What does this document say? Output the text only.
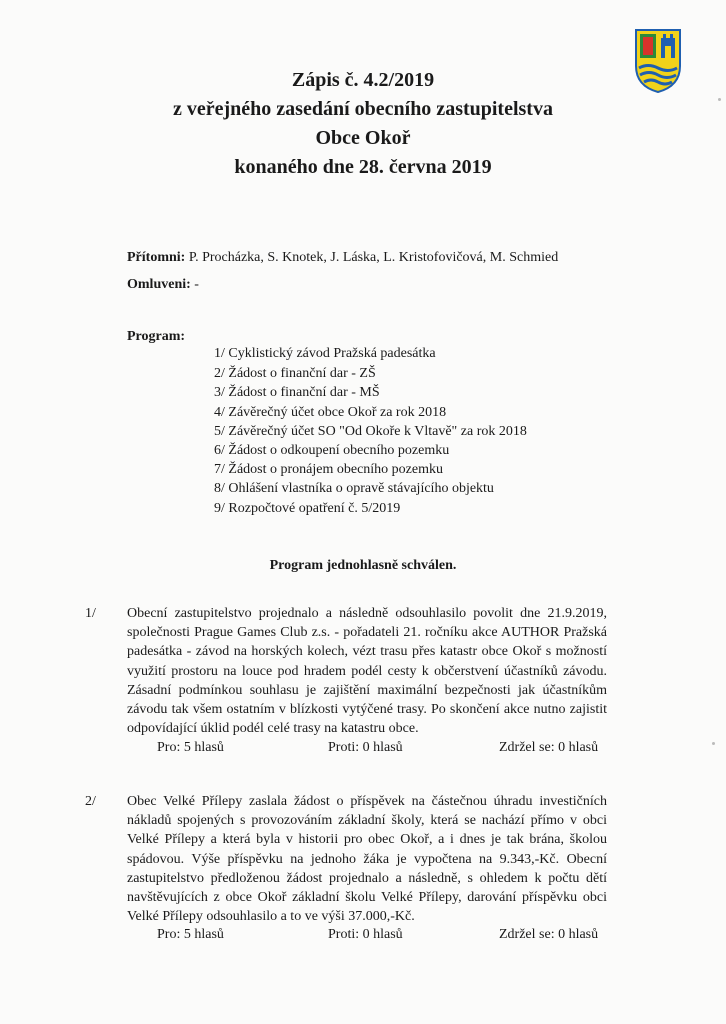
Zápis č. 4.2/2019
z veřejného zasedání obecního zastupitelstva
Obce Okoř
konaného dne 28. června 2019
Přítomni: P. Procházka, S. Knotek, J. Láska, L. Kristofovičová, M. Schmied
Omluveni: -
Program:
1/ Cyklistický závod Pražská padesátka
2/ Žádost o finanční dar - ZŠ
3/ Žádost o finanční dar - MŠ
4/ Závěrečný účet obce Okoř za rok 2018
5/ Závěrečný účet SO "Od Okoře k Vltavě" za rok 2018
6/ Žádost o odkoupení obecního pozemku
7/ Žádost o pronájem obecního pozemku
8/ Ohlášení vlastníka o opravě stávajícího objektu
9/ Rozpočtové opatření č. 5/2019
Program jednohlasně schválen.
1/ Obecní zastupitelstvo projednalo a následně odsouhlasilo povolit dne 21.9.2019, společnosti Prague Games Club z.s. - pořadateli 21. ročníku akce AUTHOR Pražská padesátka - závod na horských kolech, vézt trasu přes katastr obce Okoř s možností využití prostoru na louce pod hradem podél cesty k občerstvení účastníků závodu. Zásadní podmínkou souhlasu je zajištění maximální bezpečnosti jak účastníkům závodu tak všem ostatním v blízkosti vytýčené trasy. Po skončení akce nutno zajistit odpovídající úklid podél celé trasy na katastru obce.
Pro: 5 hlasů	Proti: 0 hlasů	Zdržel se: 0 hlasů
2/ Obec Velké Přílepy zaslala žádost o příspěvek na částečnou úhradu investičních nákladů spojených s provozováním základní školy, která se nachází přímo v obci Velké Přílepy a která byla v historii pro obec Okoř, a i dnes je tak brána, školou spádovou. Výše příspěvku na jednoho žáka je vypočtena na 9.343,-Kč. Obecní zastupitelstvo předloženou žádost projednalo a následně, s ohledem k počtu dětí navštěvujících z obce Okoř základní školu Velké Přílepy, darování příspěvku obci Velké Přílepy odsouhlasilo a to ve výši 37.000,-Kč.
Pro: 5 hlasů	Proti: 0 hlasů	Zdržel se: 0 hlasů
